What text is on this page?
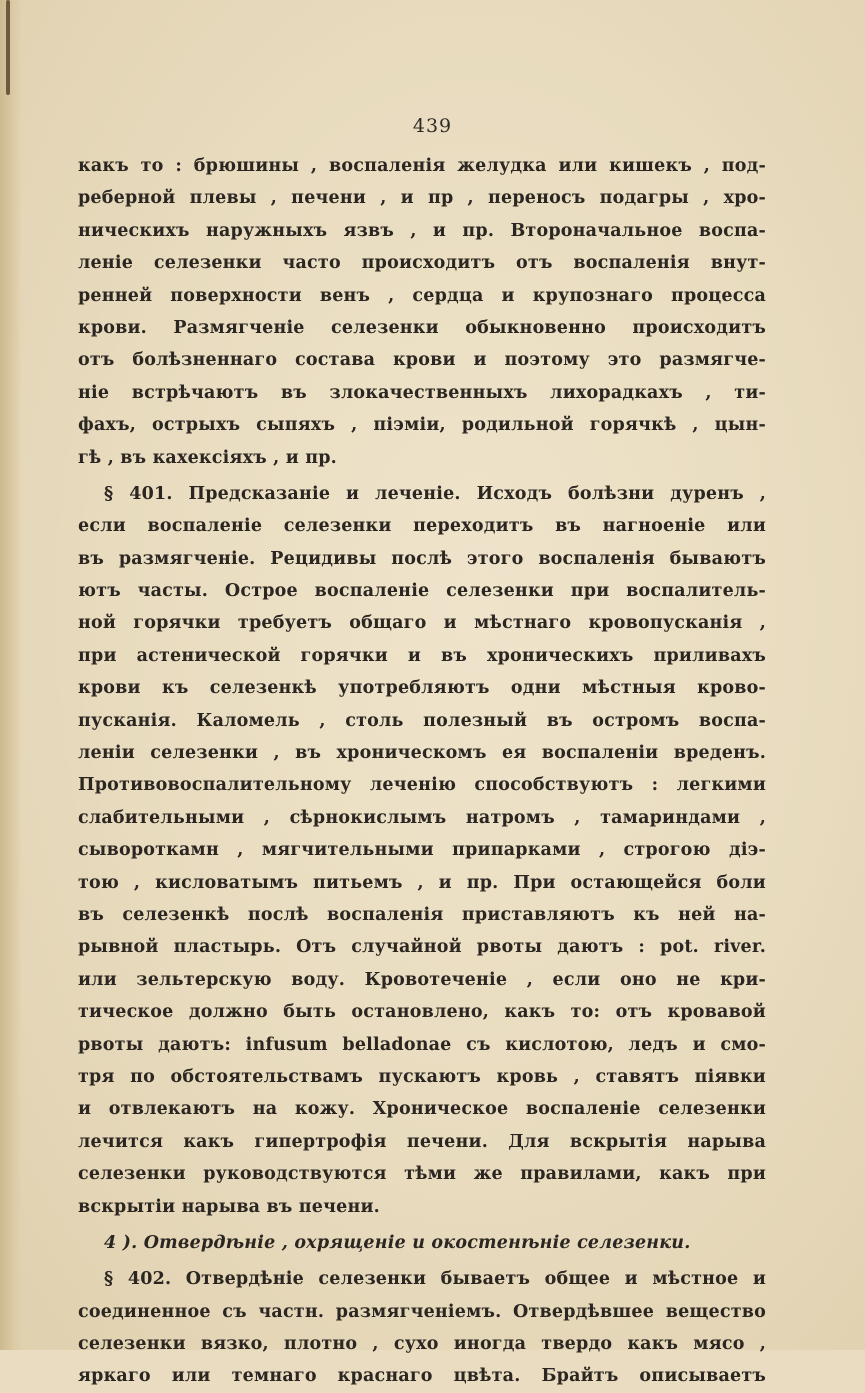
439
какъ то : брюшины , воспаленія желудка или кишекъ , под-
реберной плевы , печени , и пр , переносъ подагры , хро-
ническихъ наружныхъ язвъ , и пр. Второначальное воспа-
леніе селезенки часто происходитъ отъ воспаленія внут-
ренней поверхности венъ , сердца и крупознаго процесса
крови. Размягченіе селезенки обыкновенно происходитъ
отъ болѣзненнаго состава крови и поэтому это размягче-
ніе встрѣчаютъ въ злокачественныхъ лихорадкахъ , ти-
фахъ, острыхъ сыпяхъ , піэміи, родильной горячкѣ , цын-
гѣ , въ кахексіяхъ , и пр.
§ 401. Предсказаніе и леченіе. Исходъ болѣзни дуренъ ,
если воспаленіе селезенки переходитъ въ нагноеніе или
въ размягченіе. Рецидивы послѣ этого воспаленія бываютъ
ютъ часты. Острое воспаленіе селезенки при воспалитель-
ной горячки требуетъ общаго и мѣстнаго кровопусканія ,
при астенической горячки и въ хроническихъ приливахъ
крови къ селезенкѣ употребляютъ одни мѣстныя крово-
пусканія. Каломель , столь полезный въ остромъ воспа-
леніи селезенки , въ хроническомъ ея воспаленіи вреденъ.
Противовоспалительному леченію способствуютъ : легкими
слабительными , сѣрнокислымъ натромъ , тамариндами ,
сывороткамн , мягчительными припарками , строгою діэ-
тою , кисловатымъ питьемъ , и пр. При остающейся боли
въ селезенкѣ послѣ воспаленія приставляютъ къ ней на-
рывной пластырь. Отъ случайной рвоты даютъ : pot. river.
или зельтерскую воду. Кровотеченіе , если оно не кри-
тическое должно быть остановлено, какъ то: отъ кровавой
рвоты даютъ: infusum belladonae съ кислотою, ледъ и смо-
тря по обстоятельствамъ пускаютъ кровь , ставятъ піявки
и отвлекаютъ на кожу. Хроническое воспаленіе селезенки
лечится какъ гипертрофія печени. Для вскрытія нарыва
селезенки руководствуются тѣми же правилами, какъ при
вскрытіи нарыва въ печени.
4 ). Отвердѣніе , охрященіе и окостенѣніе селезенки.
§ 402. Отвердѣніе селезенки бываетъ общее и мѣстное и
соединенное съ частн. размягченіемъ. Отвердѣвшее вещество
селезенки вязко, плотно , сухо иногда твердо какъ мясо ,
яркаго или темнаго краснаго цвѣта. Брайтъ описываетъ
